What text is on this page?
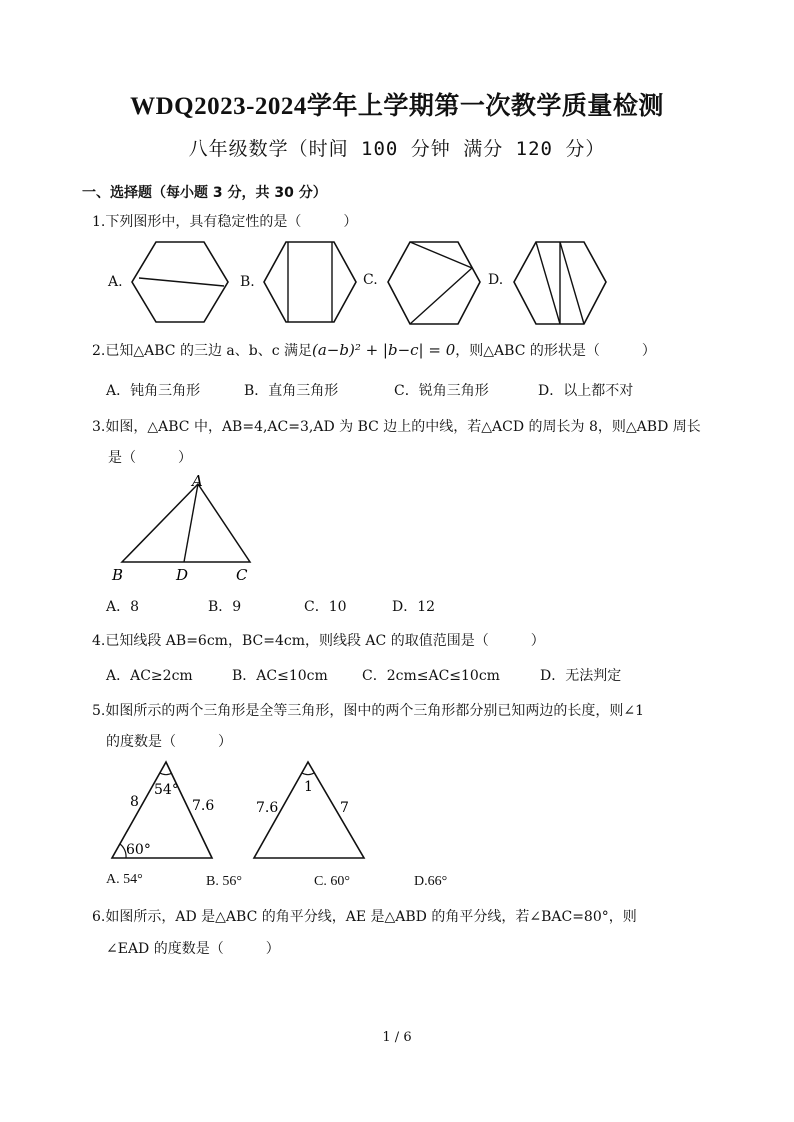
WDQ2023-2024学年上学期第一次教学质量检测
八年级数学（时间 100 分钟 满分 120 分）
一、选择题（每小题 3 分，共 30 分）
1.下列图形中，具有稳定性的是（　　　）
A.	B.	C.	D.
2.已知△ABC 的三边 a、b、c 满足(a−b)² + |b−c| = 0，则△ABC 的形状是（　　　）
A．钝角三角形	B．直角三角形	C．锐角三角形	D．以上都不对
3.如图，△ABC 中，AB=4,AC=3,AD 为 BC 边上的中线，若△ACD 的周长为 8，则△ABD 周长
是（　　　）
A
B	D	C
A．8	B．9	C．10	D．12
4.已知线段 AB=6cm，BC=4cm，则线段 AC 的取值范围是（　　　）
A．AC≥2cm	B．AC≤10cm C．2cm≤AC≤10cm	D．无法判定
5.如图所示的两个三角形是全等三角形，图中的两个三角形都分别已知两边的长度，则∠1
的度数是（　　　）
8
54°
7.6
60°
7.6
1
7
A. 54°	B. 56°	C. 60°	D.66°
6.如图所示，AD 是△ABC 的角平分线，AE 是△ABD 的角平分线，若∠BAC=80°，则
∠EAD 的度数是（　　　）
1 / 6
